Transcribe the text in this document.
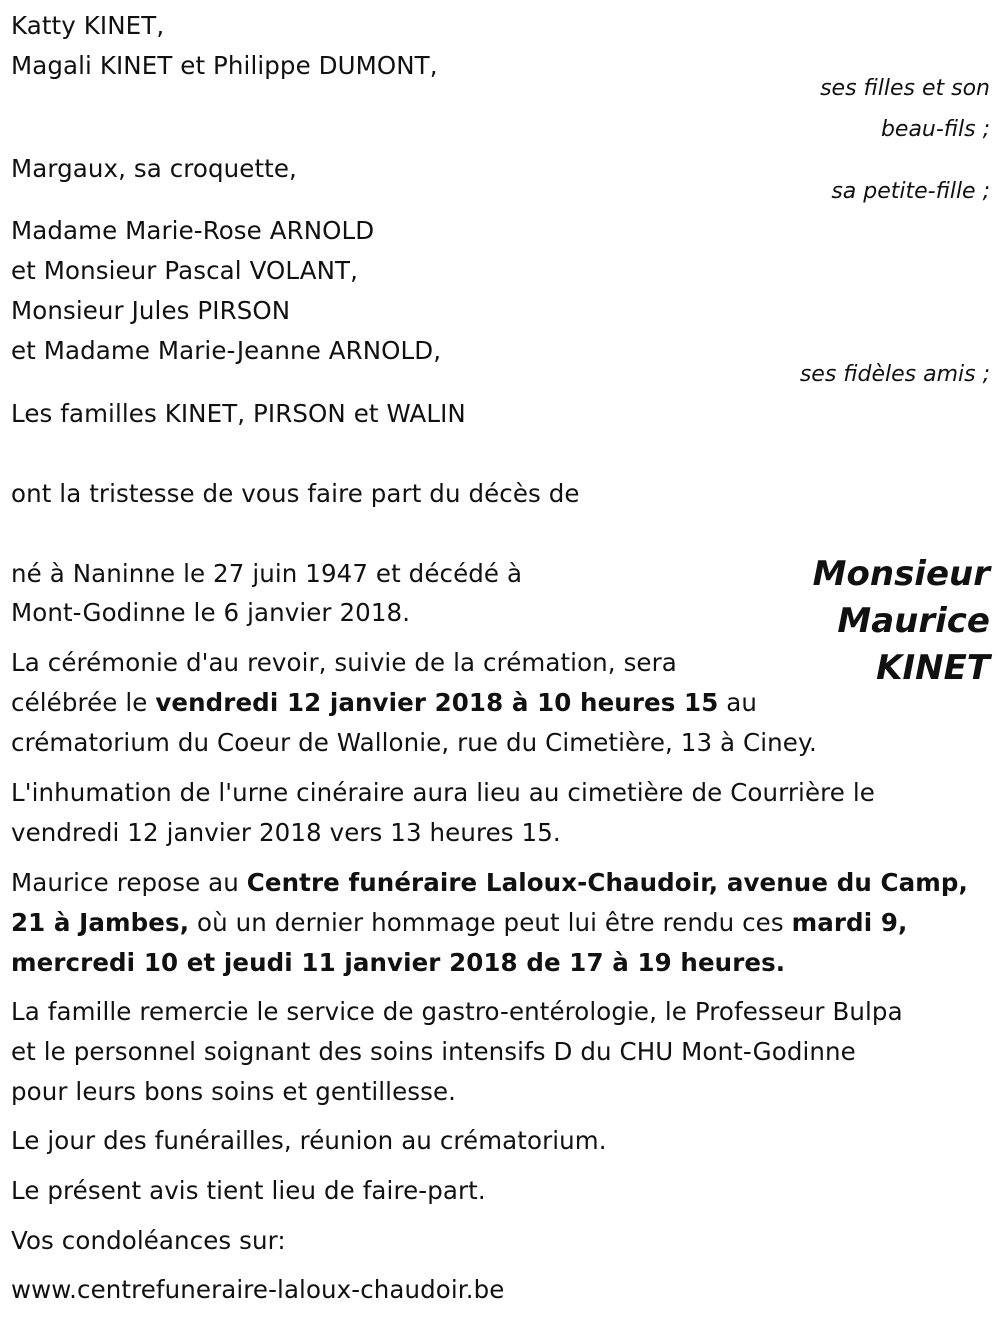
Katty KINET,
Magali KINET et Philippe DUMONT,
ses filles et son
beau-fils ;
Margaux, sa croquette,
sa petite-fille ;
Madame Marie-Rose ARNOLD
et Monsieur Pascal VOLANT,
Monsieur Jules PIRSON
et Madame Marie-Jeanne ARNOLD,
ses fidèles amis ;
Les familles KINET, PIRSON et WALIN
ont la tristesse de vous faire part du décès de
Monsieur
Maurice
KINET
né à Naninne le 27 juin 1947 et décédé à
Mont-Godinne le 6 janvier 2018.
La cérémonie d'au revoir, suivie de la crémation, sera
célébrée le vendredi 12 janvier 2018 à 10 heures 15 au
crématorium du Coeur de Wallonie, rue du Cimetière, 13 à Ciney.
L'inhumation de l'urne cinéraire aura lieu au cimetière de Courrière le
vendredi 12 janvier 2018 vers 13 heures 15.
Maurice repose au Centre funéraire Laloux-Chaudoir, avenue du Camp,
21 à Jambes, où un dernier hommage peut lui être rendu ces mardi 9,
mercredi 10 et jeudi 11 janvier 2018 de 17 à 19 heures.
La famille remercie le service de gastro-entérologie, le Professeur Bulpa
et le personnel soignant des soins intensifs D du CHU Mont-Godinne
pour leurs bons soins et gentillesse.
Le jour des funérailles, réunion au crématorium.
Le présent avis tient lieu de faire-part.
Vos condoléances sur:
www.centrefuneraire-laloux-chaudoir.be
